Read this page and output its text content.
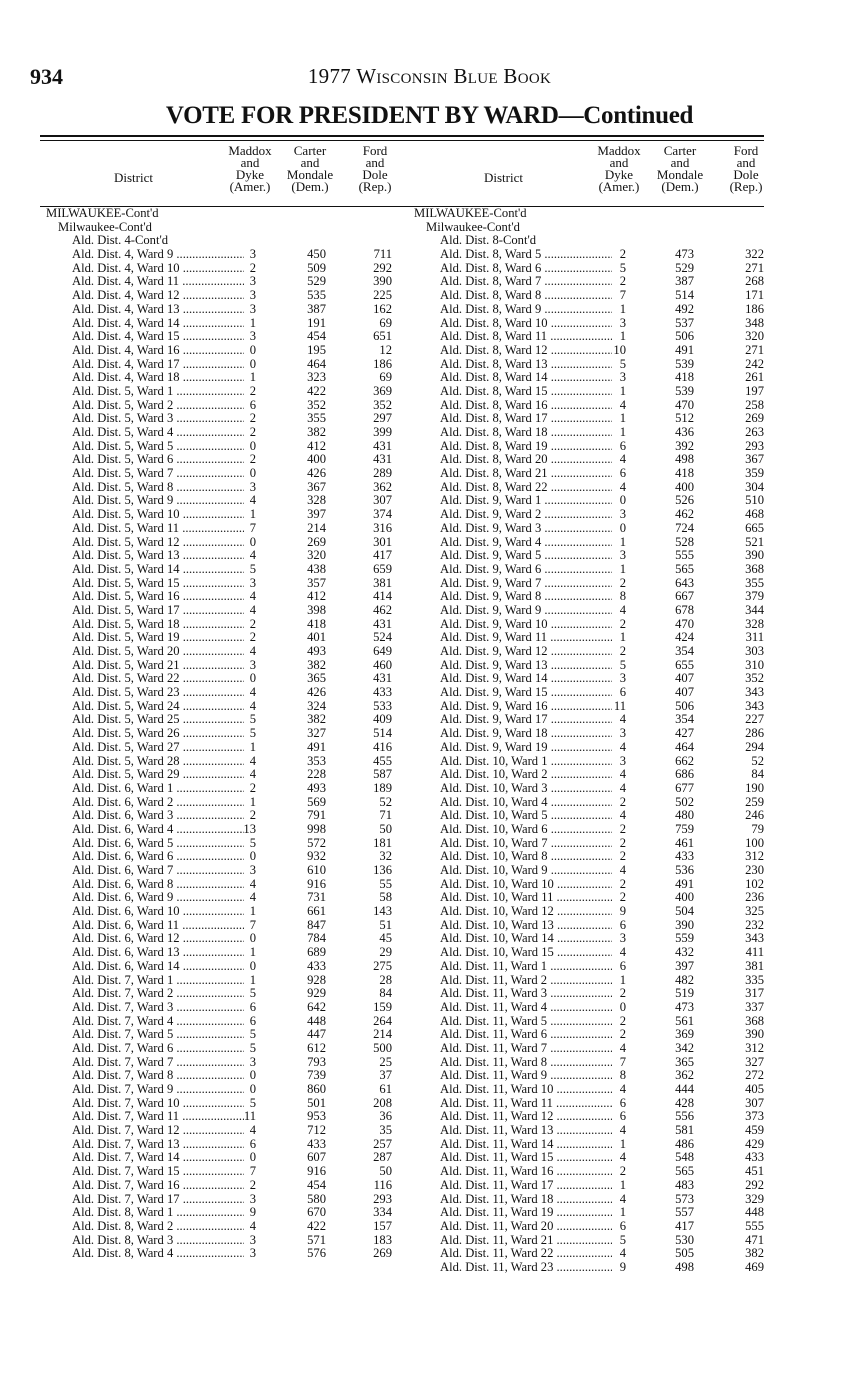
934	1977 Wisconsin Blue Book
VOTE FOR PRESIDENT BY WARD—Continued
District
Maddox
and
Dyke
(Amer.)
Carter
and
Mondale
(Dem.)
Ford
and
Dole
(Rep.)
MILWAUKEE-Cont'd
Milwaukee-Cont'd
Ald. Dist. 4-Cont'd
Ald. Dist. 4, Ward 9 .....	3	450	711
Ald. Dist. 4, Ward 10 .....	2	509	292
Ald. Dist. 4, Ward 11 .....	3	529	390
Ald. Dist. 4, Ward 12 .....	3	535	225
Ald. Dist. 4, Ward 13 .....	3	387	162
Ald. Dist. 4, Ward 14 .....	1	191	69
Ald. Dist. 4, Ward 15 .....	3	454	651
Ald. Dist. 4, Ward 16 .....	0	195	12
Ald. Dist. 4, Ward 17 .....	0	464	186
Ald. Dist. 4, Ward 18 .....	1	323	69
Ald. Dist. 5, Ward 1 .....	2	422	369
Ald. Dist. 5, Ward 2 .....	6	352	352
Ald. Dist. 5, Ward 3 .....	2	355	297
Ald. Dist. 5, Ward 4 .....	2	382	399
Ald. Dist. 5, Ward 5 .....	0	412	431
Ald. Dist. 5, Ward 6 .....	2	400	431
Ald. Dist. 5, Ward 7 .....	0	426	289
Ald. Dist. 5, Ward 8 .....	3	367	362
Ald. Dist. 5, Ward 9 .....	4	328	307
Ald. Dist. 5, Ward 10 .....	1	397	374
Ald. Dist. 5, Ward 11 .....	7	214	316
Ald. Dist. 5, Ward 12 .....	0	269	301
Ald. Dist. 5, Ward 13 .....	4	320	417
Ald. Dist. 5, Ward 14 .....	5	438	659
Ald. Dist. 5, Ward 15 .....	3	357	381
Ald. Dist. 5, Ward 16 .....	4	412	414
Ald. Dist. 5, Ward 17 .....	4	398	462
Ald. Dist. 5, Ward 18 .....	2	418	431
Ald. Dist. 5, Ward 19 .....	2	401	524
Ald. Dist. 5, Ward 20 .....	4	493	649
Ald. Dist. 5, Ward 21 .....	3	382	460
Ald. Dist. 5, Ward 22 .....	0	365	431
Ald. Dist. 5, Ward 23 .....	4	426	433
Ald. Dist. 5, Ward 24 .....	4	324	533
Ald. Dist. 5, Ward 25 .....	5	382	409
Ald. Dist. 5, Ward 26 .....	5	327	514
Ald. Dist. 5, Ward 27 .....	1	491	416
Ald. Dist. 5, Ward 28 .....	4	353	455
Ald. Dist. 5, Ward 29 .....	4	228	587
Ald. Dist. 6, Ward 1 .....	2	493	189
Ald. Dist. 6, Ward 2 .....	1	569	52
Ald. Dist. 6, Ward 3 .....	2	791	71
Ald. Dist. 6, Ward 4 .....	13	998	50
Ald. Dist. 6, Ward 5 .....	5	572	181
Ald. Dist. 6, Ward 6 .....	0	932	32
Ald. Dist. 6, Ward 7 .....	3	610	136
Ald. Dist. 6, Ward 8 .....	4	916	55
Ald. Dist. 6, Ward 9 .....	4	731	58
Ald. Dist. 6, Ward 10 .....	1	661	143
Ald. Dist. 6, Ward 11 .....	7	847	51
Ald. Dist. 6, Ward 12 .....	0	784	45
Ald. Dist. 6, Ward 13 .....	1	689	29
Ald. Dist. 6, Ward 14 .....	0	433	275
Ald. Dist. 7, Ward 1 .....	1	928	28
Ald. Dist. 7, Ward 2 .....	5	929	84
Ald. Dist. 7, Ward 3 .....	6	642	159
Ald. Dist. 7, Ward 4 .....	6	448	264
Ald. Dist. 7, Ward 5 .....	5	447	214
Ald. Dist. 7, Ward 6 .....	5	612	500
Ald. Dist. 7, Ward 7 .....	3	793	25
Ald. Dist. 7, Ward 8 .....	0	739	37
Ald. Dist. 7, Ward 9 .....	0	860	61
Ald. Dist. 7, Ward 10 .....	5	501	208
Ald. Dist. 7, Ward 11 .....	11	953	36
Ald. Dist. 7, Ward 12 .....	4	712	35
Ald. Dist. 7, Ward 13 .....	6	433	257
Ald. Dist. 7, Ward 14 .....	0	607	287
Ald. Dist. 7, Ward 15 .....	7	916	50
Ald. Dist. 7, Ward 16 .....	2	454	116
Ald. Dist. 7, Ward 17 .....	3	580	293
Ald. Dist. 8, Ward 1 .....	9	670	334
Ald. Dist. 8, Ward 2 .....	4	422	157
Ald. Dist. 8, Ward 3 .....	3	571	183
Ald. Dist. 8, Ward 4 .....	3	576	269
District
Maddox
and
Dyke
(Amer.)
Carter
and
Mondale
(Dem.)
Ford
and
Dole
(Rep.)
MILWAUKEE-Cont'd
Milwaukee-Cont'd
Ald. Dist. 8-Cont'd
Ald. Dist. 8, Ward 5 .....	2	473	322
Ald. Dist. 8, Ward 6 .....	5	529	271
Ald. Dist. 8, Ward 7 .....	2	387	268
Ald. Dist. 8, Ward 8 .....	7	514	171
Ald. Dist. 8, Ward 9 .....	1	492	186
Ald. Dist. 8, Ward 10 .....	3	537	348
Ald. Dist. 8, Ward 11 .....	1	506	320
Ald. Dist. 8, Ward 12 .....	10	491	271
Ald. Dist. 8, Ward 13 .....	5	539	242
Ald. Dist. 8, Ward 14 .....	3	418	261
Ald. Dist. 8, Ward 15 .....	1	539	197
Ald. Dist. 8, Ward 16 .....	4	470	258
Ald. Dist. 8, Ward 17 .....	1	512	269
Ald. Dist. 8, Ward 18 .....	1	436	263
Ald. Dist. 8, Ward 19 .....	6	392	293
Ald. Dist. 8, Ward 20 .....	4	498	367
Ald. Dist. 8, Ward 21 .....	6	418	359
Ald. Dist. 8, Ward 22 .....	4	400	304
Ald. Dist. 9, Ward 1 .....	0	526	510
Ald. Dist. 9, Ward 2 .....	3	462	468
Ald. Dist. 9, Ward 3 .....	0	724	665
Ald. Dist. 9, Ward 4 .....	1	528	521
Ald. Dist. 9, Ward 5 .....	3	555	390
Ald. Dist. 9, Ward 6 .....	1	565	368
Ald. Dist. 9, Ward 7 .....	2	643	355
Ald. Dist. 9, Ward 8 .....	8	667	379
Ald. Dist. 9, Ward 9 .....	4	678	344
Ald. Dist. 9, Ward 10 .....	2	470	328
Ald. Dist. 9, Ward 11 .....	1	424	311
Ald. Dist. 9, Ward 12 .....	2	354	303
Ald. Dist. 9, Ward 13 .....	5	655	310
Ald. Dist. 9, Ward 14 .....	3	407	352
Ald. Dist. 9, Ward 15 .....	6	407	343
Ald. Dist. 9, Ward 16 .....	11	506	343
Ald. Dist. 9, Ward 17 .....	4	354	227
Ald. Dist. 9, Ward 18 .....	3	427	286
Ald. Dist. 9, Ward 19 .....	4	464	294
Ald. Dist. 10, Ward 1 .....	3	662	52
Ald. Dist. 10, Ward 2 .....	4	686	84
Ald. Dist. 10, Ward 3 .....	4	677	190
Ald. Dist. 10, Ward 4 .....	2	502	259
Ald. Dist. 10, Ward 5 .....	4	480	246
Ald. Dist. 10, Ward 6 .....	2	759	79
Ald. Dist. 10, Ward 7 .....	2	461	100
Ald. Dist. 10, Ward 8 .....	2	433	312
Ald. Dist. 10, Ward 9 .....	4	536	230
Ald. Dist. 10, Ward 10 .....	2	491	102
Ald. Dist. 10, Ward 11 .....	2	400	236
Ald. Dist. 10, Ward 12 .....	9	504	325
Ald. Dist. 10, Ward 13 .....	6	390	232
Ald. Dist. 10, Ward 14 .....	3	559	343
Ald. Dist. 10, Ward 15 .....	4	432	411
Ald. Dist. 11, Ward 1 .....	6	397	381
Ald. Dist. 11, Ward 2 .....	1	482	335
Ald. Dist. 11, Ward 3 .....	2	519	317
Ald. Dist. 11, Ward 4 .....	0	473	337
Ald. Dist. 11, Ward 5 .....	2	561	368
Ald. Dist. 11, Ward 6 .....	2	369	390
Ald. Dist. 11, Ward 7 .....	4	342	312
Ald. Dist. 11, Ward 8 .....	7	365	327
Ald. Dist. 11, Ward 9 .....	8	362	272
Ald. Dist. 11, Ward 10 .....	4	444	405
Ald. Dist. 11, Ward 11 .....	6	428	307
Ald. Dist. 11, Ward 12 .....	6	556	373
Ald. Dist. 11, Ward 13 .....	4	581	459
Ald. Dist. 11, Ward 14 .....	1	486	429
Ald. Dist. 11, Ward 15 .....	4	548	433
Ald. Dist. 11, Ward 16 .....	2	565	451
Ald. Dist. 11, Ward 17 .....	1	483	292
Ald. Dist. 11, Ward 18 .....	4	573	329
Ald. Dist. 11, Ward 19 .....	1	557	448
Ald. Dist. 11, Ward 20 .....	6	417	555
Ald. Dist. 11, Ward 21 .....	5	530	471
Ald. Dist. 11, Ward 22 .....	4	505	382
Ald. Dist. 11, Ward 23 .....	9	498	469
